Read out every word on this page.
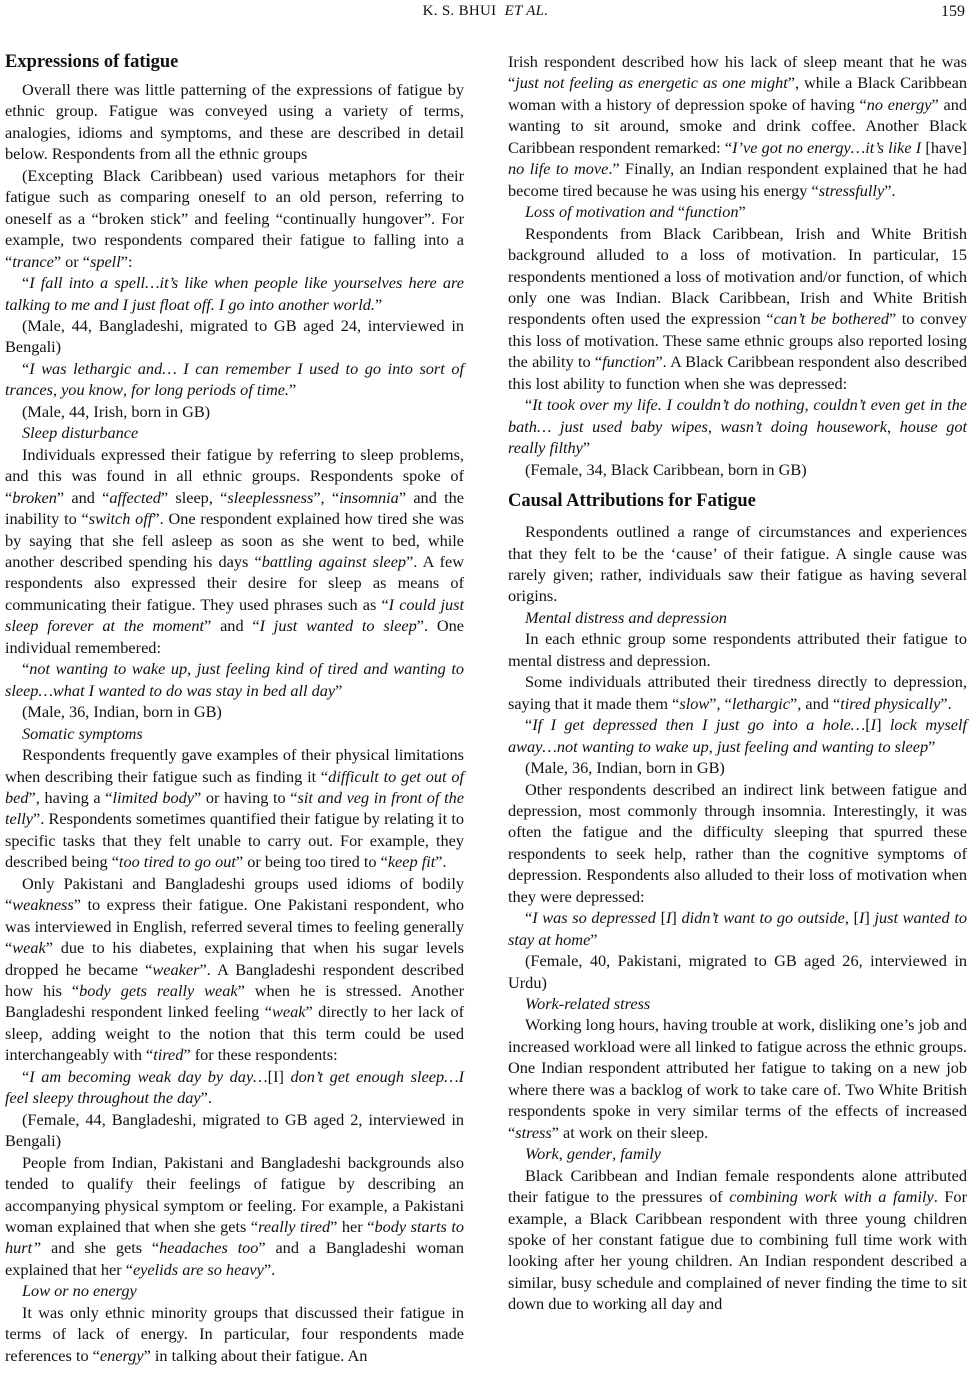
K. S. BHUI ET AL.	159
Expressions of fatigue

Overall there was little patterning of the expressions of fatigue by ethnic group. Fatigue was conveyed using a variety of terms, analogies, idioms and symptoms, and these are described in detail below. Respondents from all the ethnic groups

(Excepting Black Caribbean) used various metaphors for their fatigue such as comparing oneself to an old person, referring to oneself as a “broken stick” and feeling “continually hungover”. For example, two respondents compared their fatigue to falling into a “trance” or “spell”:

“I fall into a spell…it’s like when people like yourselves here are talking to me and I just float off. I go into another world.”

(Male, 44, Bangladeshi, migrated to GB aged 24, interviewed in Bengali)

“I was lethargic and… I can remember I used to go into sort of trances, you know, for long periods of time.”

(Male, 44, Irish, born in GB)

Sleep disturbance

Individuals expressed their fatigue by referring to sleep problems, and this was found in all ethnic groups. Respondents spoke of “broken” and “affected” sleep, “sleeplessness”, “insomnia” and the inability to “switch off”. One respondent explained how tired she was by saying that she fell asleep as soon as she went to bed, while another described spending his days “battling against sleep”. A few respondents also expressed their desire for sleep as means of communicating their fatigue. They used phrases such as “I could just sleep forever at the moment” and “I just wanted to sleep”. One individual remembered:

“not wanting to wake up, just feeling kind of tired and wanting to sleep…what I wanted to do was stay in bed all day”

(Male, 36, Indian, born in GB)

Somatic symptoms

Respondents frequently gave examples of their physical limitations when describing their fatigue such as finding it “difficult to get out of bed”, having a “limited body” or having to “sit and veg in front of the telly”. Respondents sometimes quantified their fatigue by relating it to specific tasks that they felt unable to carry out. For example, they described being “too tired to go out” or being too tired to “keep fit”.

Only Pakistani and Bangladeshi groups used idioms of bodily “weakness” to express their fatigue. One Pakistani respondent, who was interviewed in English, referred several times to feeling generally “weak” due to his diabetes, explaining that when his sugar levels dropped he became “weaker”. A Bangladeshi respondent described how his “body gets really weak” when he is stressed. Another Bangladeshi respondent linked feeling “weak” directly to her lack of sleep, adding weight to the notion that this term could be used interchangeably with “tired” for these respondents:

“I am becoming weak day by day…[I] don’t get enough sleep…I feel sleepy throughout the day”.

(Female, 44, Bangladeshi, migrated to GB aged 2, interviewed in Bengali)

People from Indian, Pakistani and Bangladeshi backgrounds also tended to qualify their feelings of fatigue by describing an accompanying physical symptom or feeling. For example, a Pakistani woman explained that when she gets “really tired” her “body starts to hurt” and she gets “headaches too” and a Bangladeshi woman explained that her “eyelids are so heavy”.

Low or no energy

It was only ethnic minority groups that discussed their fatigue in terms of lack of energy. In particular, four respondents made references to “energy” in talking about their fatigue. An

Irish respondent described how his lack of sleep meant that he was “just not feeling as energetic as one might”, while a Black Caribbean woman with a history of depression spoke of having “no energy” and wanting to sit around, smoke and drink coffee. Another Black Caribbean respondent remarked: “I’ve got no energy…it’s like I [have] no life to move.” Finally, an Indian respondent explained that he had become tired because he was using his energy “stressfully”.

Loss of motivation and “function”

Respondents from Black Caribbean, Irish and White British background alluded to a loss of motivation. In particular, 15 respondents mentioned a loss of motivation and/or function, of which only one was Indian. Black Caribbean, Irish and White British respondents often used the expression “can’t be bothered” to convey this loss of motivation. These same ethnic groups also reported losing the ability to “function”. A Black Caribbean respondent also described this lost ability to function when she was depressed:

“It took over my life. I couldn’t do nothing, couldn’t even get in the bath… just used baby wipes, wasn’t doing housework, house got really filthy”

(Female, 34, Black Caribbean, born in GB)

Causal Attributions for Fatigue

Respondents outlined a range of circumstances and experiences that they felt to be the ‘cause’ of their fatigue. A single cause was rarely given; rather, individuals saw their fatigue as having several origins.

Mental distress and depression

In each ethnic group some respondents attributed their fatigue to mental distress and depression.

Some individuals attributed their tiredness directly to depression, saying that it made them “slow”, “lethargic”, and “tired physically”.

“If I get depressed then I just go into a hole…[I] lock myself away…not wanting to wake up, just feeling and wanting to sleep”

(Male, 36, Indian, born in GB)

Other respondents described an indirect link between fatigue and depression, most commonly through insomnia. Interestingly, it was often the fatigue and the difficulty sleeping that spurred these respondents to seek help, rather than the cognitive symptoms of depression. Respondents also alluded to their loss of motivation when they were depressed:

“I was so depressed [I] didn’t want to go outside, [I] just wanted to stay at home”

(Female, 40, Pakistani, migrated to GB aged 26, interviewed in Urdu)

Work-related stress

Working long hours, having trouble at work, disliking one’s job and increased workload were all linked to fatigue across the ethnic groups. One Indian respondent attributed her fatigue to taking on a new job where there was a backlog of work to take care of. Two White British respondents spoke in very similar terms of the effects of increased “stress” at work on their sleep.

Work, gender, family

Black Caribbean and Indian female respondents alone attributed their fatigue to the pressures of combining work with a family. For example, a Black Caribbean respondent with three young children spoke of her constant fatigue due to combining full time work with looking after her young children. An Indian respondent described a similar, busy schedule and complained of never finding the time to sit down due to working all day and
